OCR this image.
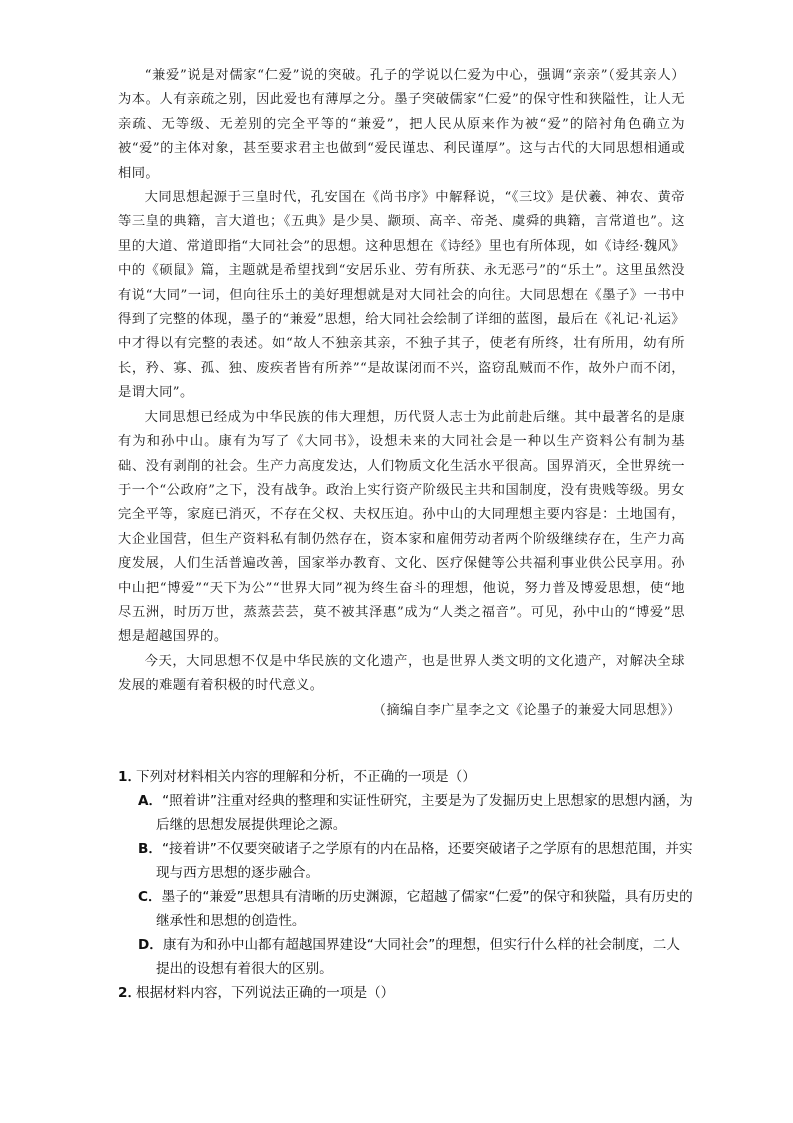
“兼爱”说是对儒家“仁爱”说的突破。孔子的学说以仁爱为中心，强调“亲亲”（爱其亲人）为本。人有亲疏之别，因此爱也有薄厚之分。墨子突破儒家“仁爱”的保守性和狭隘性，让人无亲疏、无等级、无差别的完全平等的“兼爱”，把人民从原来作为被“爱”的陪衬角色确立为被“爱”的主体对象，甚至要求君主也做到“爱民谨忠、利民谨厚”。这与古代的大同思想相通或相同。

大同思想起源于三皇时代，孔安国在《尚书序》中解释说，“《三坟》是伏羲、神农、黄帝等三皇的典籍，言大道也；《五典》是少昊、颛顼、高辛、帝尧、虞舜的典籍，言常道也”。这里的大道、常道即指“大同社会”的思想。这种思想在《诗经》里也有所体现，如《诗经·魏风》中的《硕鼠》篇，主题就是希望找到“安居乐业、劳有所获、永无恶弓”的“乐土”。这里虽然没有说“大同”一词，但向往乐土的美好理想就是对大同社会的向往。大同思想在《墨子》一书中得到了完整的体现，墨子的“兼爱”思想，给大同社会绘制了详细的蓝图，最后在《礼记·礼运》中才得以有完整的表述。如“故人不独亲其亲，不独子其子，使老有所终，壮有所用，幼有所长，矜、寡、孤、独、废疾者皆有所养”“是故谋闭而不兴，盗窃乱贼而不作，故外户而不闭，是谓大同”。

大同思想已经成为中华民族的伟大理想，历代贤人志士为此前赴后继。其中最著名的是康有为和孙中山。康有为写了《大同书》，设想未来的大同社会是一种以生产资料公有制为基础、没有剥削的社会。生产力高度发达，人们物质文化生活水平很高。国界消灭，全世界统一于一个“公政府”之下，没有战争。政治上实行资产阶级民主共和国制度，没有贵贱等级。男女完全平等，家庭已消灭，不存在父权、夫权压迫。孙中山的大同理想主要内容是：土地国有，大企业国营，但生产资料私有制仍然存在，资本家和雇佣劳动者两个阶级继续存在，生产力高度发展，人们生活普遍改善，国家举办教育、文化、医疗保健等公共福利事业供公民享用。孙中山把“博爱”“天下为公”“世界大同”视为终生奋斗的理想，他说，努力普及博爱思想，使“地尽五洲，时历万世，蒸蒸芸芸，莫不被其泽惠”成为“人类之福音”。可见，孙中山的“博爱”思想是超越国界的。

今天，大同思想不仅是中华民族的文化遗产，也是世界人类文明的文化遗产，对解决全球发展的难题有着积极的时代意义。

（摘编自李广星李之文《论墨子的兼爱大同思想》）
1．
下列对材料相关内容的理解和分析，不正确的一项是（）
A．“照着讲”注重对经典的整理和实证性研究，主要是为了发掘历史上思想家的思想内涵，为后继的思想发展提供理论之源。
B．“接着讲”不仅要突破诸子之学原有的内在品格，还要突破诸子之学原有的思想范围，并实现与西方思想的逐步融合。
C．墨子的“兼爱”思想具有清晰的历史渊源，它超越了儒家“仁爱”的保守和狭隘，具有历史的继承性和思想的创造性。
D．康有为和孙中山都有超越国界建设“大同社会”的理想，但实行什么样的社会制度，二人提出的设想有着很大的区别。
2．
根据材料内容，下列说法正确的一项是（）
